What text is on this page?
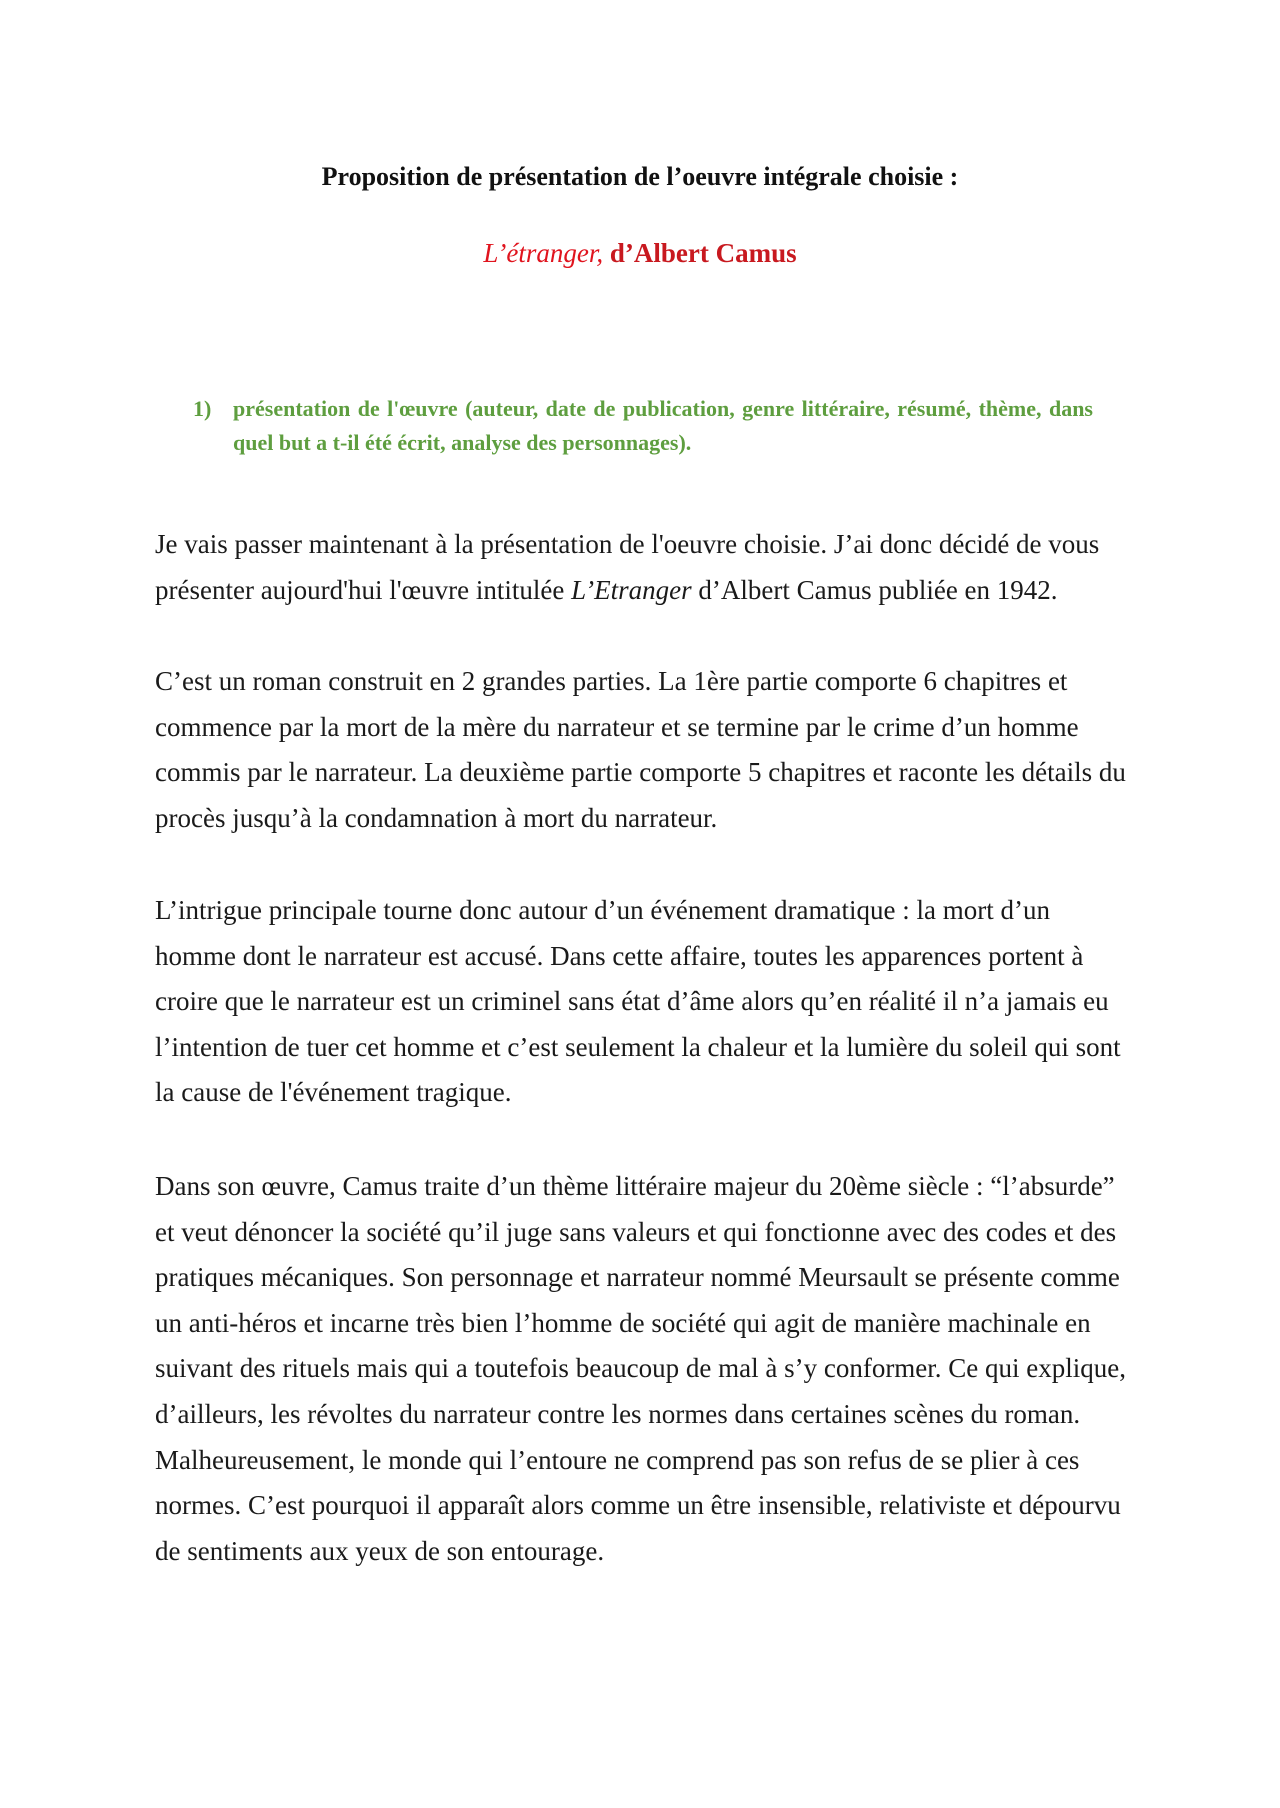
Proposition de présentation de l’oeuvre intégrale choisie :
L’étranger, d’Albert Camus
1) présentation de l'œuvre (auteur, date de publication, genre littéraire, résumé, thème, dans quel but a t-il été écrit, analyse des personnages).

Je vais passer maintenant à la présentation de l'oeuvre choisie. J’ai donc décidé de vous présenter aujourd'hui l'œuvre intitulée L’Etranger d’Albert Camus publiée en 1942.

C’est un roman construit en 2 grandes parties. La 1ère partie comporte 6 chapitres et commence par la mort de la mère du narrateur et se termine par le crime d’un homme commis par le narrateur. La deuxième partie comporte 5 chapitres et raconte les détails du procès jusqu’à la condamnation à mort du narrateur.

L’intrigue principale tourne donc autour d’un événement dramatique : la mort d’un homme dont le narrateur est accusé. Dans cette affaire, toutes les apparences portent à croire que le narrateur est un criminel sans état d’âme alors qu’en réalité il n’a jamais eu l’intention de tuer cet homme et c’est seulement la chaleur et la lumière du soleil qui sont la cause de l'événement tragique.

Dans son œuvre, Camus traite d’un thème littéraire majeur du 20ème siècle : “l’absurde” et veut dénoncer la société qu’il juge sans valeurs et qui fonctionne avec des codes et des pratiques mécaniques. Son personnage et narrateur nommé Meursault se présente comme un anti-héros et incarne très bien l’homme de société qui agit de manière machinale en suivant des rituels mais qui a toutefois beaucoup de mal à s’y conformer. Ce qui explique, d’ailleurs, les révoltes du narrateur contre les normes dans certaines scènes du roman. Malheureusement, le monde qui l’entoure ne comprend pas son refus de se plier à ces normes. C’est pourquoi il apparaît alors comme un être insensible, relativiste et dépourvu de sentiments aux yeux de son entourage.
